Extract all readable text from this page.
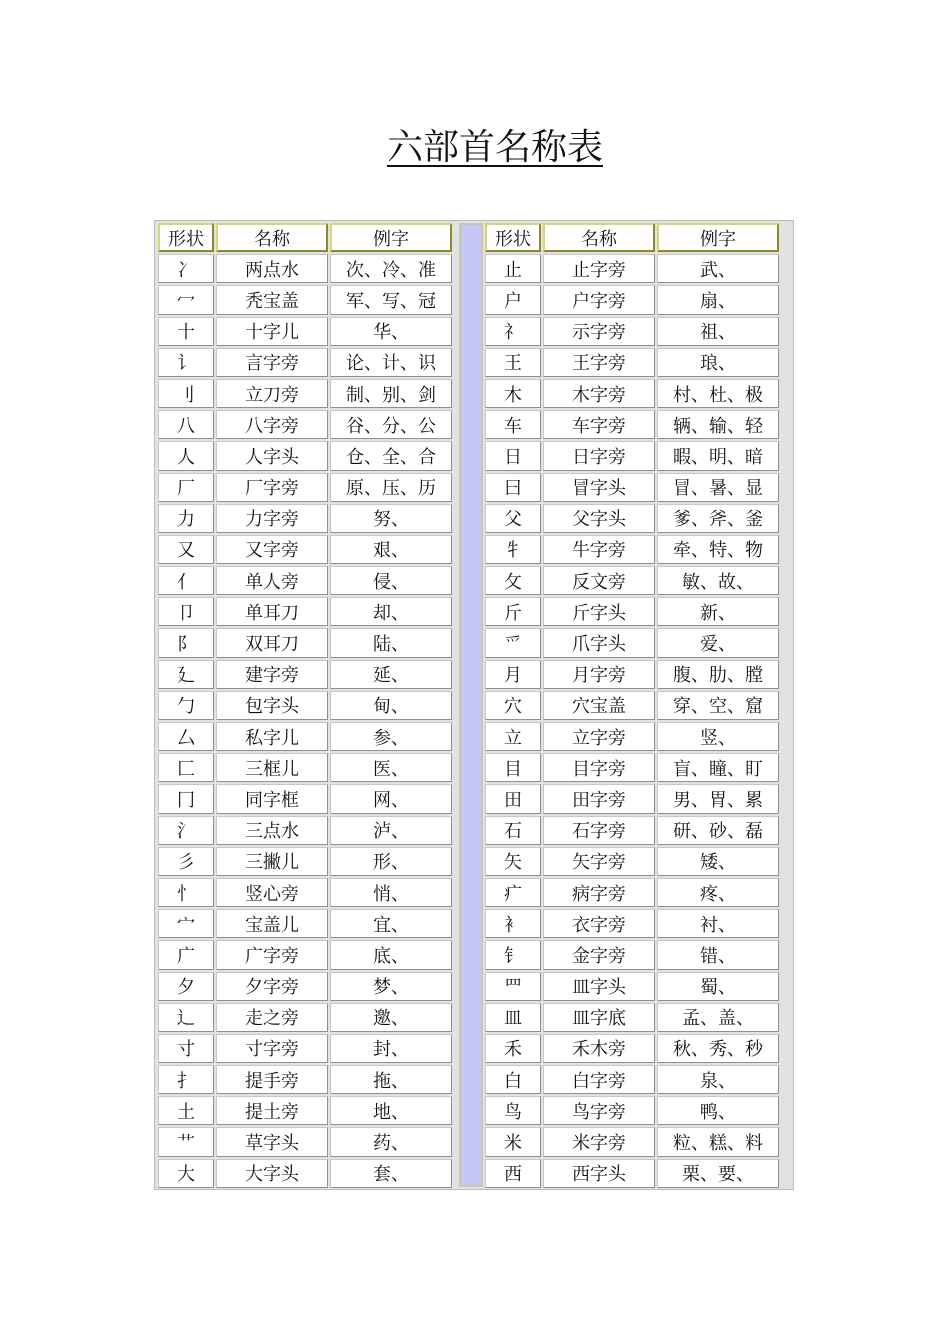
六部首名称表
形状	名称	例字
冫	两点水	次、冷、准
冖	秃宝盖	军、写、冠
十	十字儿	华、
讠	言字旁	论、计、识
刂	立刀旁	制、别、剑
八	八字旁	谷、分、公
人	人字头	仓、全、合
厂	厂字旁	原、压、历
力	力字旁	努、
又	又字旁	艰、
亻	单人旁	侵、
卩	单耳刀	却、
阝	双耳刀	陆、
廴	建字旁	延、
勹	包字头	甸、
厶	私字儿	参、
匚	三框儿	医、
冂	同字框	网、
氵	三点水	泸、
彡	三撇儿	形、
忄	竖心旁	悄、
宀	宝盖儿	宜、
广	广字旁	底、
夕	夕字旁	梦、
辶	走之旁	邀、
寸	寸字旁	封、
扌	提手旁	拖、
土	提土旁	地、
艹	草字头	药、
大	大字头	套、
形状	名称	例字
止	止字旁	武、
户	户字旁	扇、
礻	示字旁	祖、
王	王字旁	琅、
木	木字旁	村、杜、极
车	车字旁	辆、输、轻
日	日字旁	暇、明、暗
曰	冒字头	冒、暑、显
父	父字头	爹、斧、釜
牜	牛字旁	牵、特、物
攵	反文旁	敏、故、
斤	斤字头	新、
爫	爪字头	爱、
月	月字旁	腹、肋、膛
穴	穴宝盖	穿、空、窟
立	立字旁	竖、
目	目字旁	盲、瞳、盯
田	田字旁	男、胃、累
石	石字旁	研、砂、磊
矢	矢字旁	矮、
疒	病字旁	疼、
衤	衣字旁	衬、
钅	金字旁	错、
罒	皿字头	蜀、
皿	皿字底	孟、盖、
禾	禾木旁	秋、秀、秒
白	白字旁	泉、
鸟	鸟字旁	鸭、
米	米字旁	粒、糕、料
西	西字头	栗、要、
